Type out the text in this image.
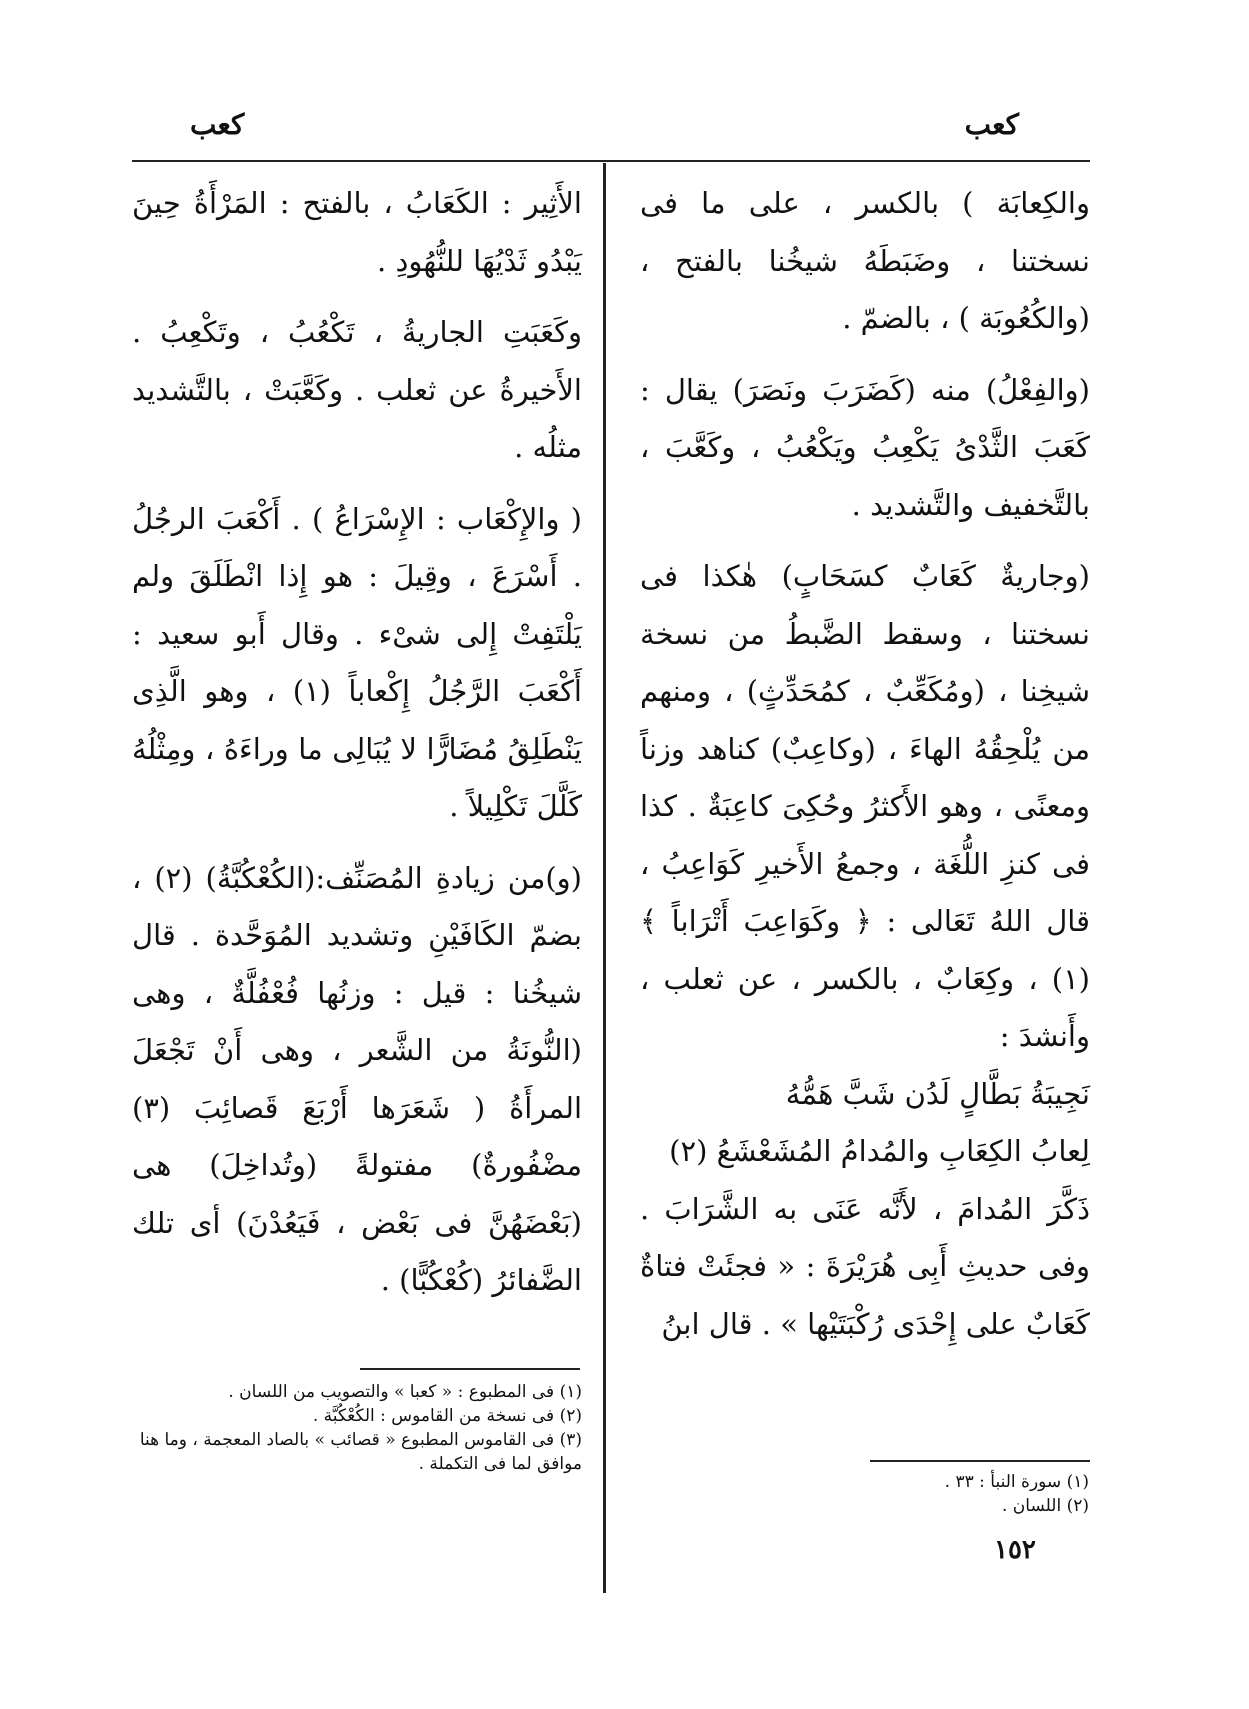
كعب
كعب

والكِعابَة ) بالكسر ، على ما فى نسختنا ، وضَبَطَهُ شيخُنا بالفتح ،(والكُعُوبَة ) ، بالضمّ .

(والفِعْلُ) منه (كَضَرَبَ ونَصَرَ) يقال : كَعَبَ الثَّدْىُ يَكْعِبُ ويَكْعُبُ ، وكَعَّبَ ، بالتَّخفيف والتَّشديد .

(وجاريةٌ كَعَابٌ كسَحَابٍ) هٰكذا فى نسختنا ، وسقط الضَّبطُ من نسخة شيخِنا ، (ومُكَعِّبٌ ، كمُحَدِّثٍ) ، ومنهم من يُلْحِقُهُ الهاءَ ، (وكاعِبٌ) كناهد وزناً ومعنًى ، وهو الأَكثرُ وحُكِىَ كاعِبَةٌ . كذا فى كنزِ اللُّغَة ، وجمعُ الأَخيرِ كَوَاعِبُ ، قال اللهُ تَعَالى : ﴿ وكَوَاعِبَ أَتْرَاباً ﴾ (١) ، وكِعَابٌ ، بالكسر ، عن ثعلب ، وأَنشدَ :

نَجِيبَةُ بَطَّالٍ لَدُن شَبَّ هَمُّهُ

لِعابُ الكِعَابِ والمُدامُ المُشَعْشَعُ (٢)

ذَكَّرَ المُدامَ ، لأَنَّه عَنَى به الشَّرَابَ . وفى حديثِ أَبِى هُرَيْرَةَ : « فجئَتْ فتاةٌ كَعَابٌ على إِحْدَى رُكْبَتَيْها » . قال ابنُ

الأَثِير : الكَعَابُ ، بالفتح : المَرْأَةُ حِينَ يَبْدُو ثَدْيُهَا للنُّهُودِ .

وكَعَبَتِ الجاريةُ ، تَكْعُبُ ، وتَكْعِبُ . الأَخيرةُ عن ثعلب . وكَعَّبَتْ ، بالتَّشديد مثلُه .

( والإِكْعَاب : الإِسْرَاعُ ) . أَكْعَبَ الرجُلُ . أَسْرَعَ ، وقِيلَ : هو إِذا انْطَلَقَ ولم يَلْتَفِتْ إِلى شىْء . وقال أَبو سعيد : أَكْعَبَ الرَّجُلُ إِكْعاباً (١) ، وهو الَّذِى يَنْطَلِقُ مُضَارًّا لا يُبَالِى ما وراءَهُ ، ومِثْلُهُ كَلَّلَ تَكْلِيلاً .

(و)من زيادةِ المُصَنِّف:(الكُعْكُبَّةُ) (٢) ، بضمّ الكَافَيْنِ وتشديد المُوَحَّدة . قال شيخُنا : قيل : وزنُها فُعْفُلَّةٌ ، وهى (النُّونَةُ من الشَّعر ، وهى أَنْ تَجْعَلَ المرأَةُ ( شَعَرَها أَرْبَعَ قَصائِبَ (٣) مضْفُورةٌ) مفتولةً (وتُداخِلَ) هى (بَعْضَهُنَّ فى بَعْض ، فَيَعُدْنَ) أى تلك الضَّفائرُ (كُعْكُبًّا) .

(١) سورة النبأ : ٣٣ .
(٢) اللسان .
(١) فى المطبوع : « كعبا » والتصويب من اللسان .
(٢) فى نسخة من القاموس : الكُعْكُبَّة .
(٣) فى القاموس المطبوع « قصائب » بالصاد المعجمة ، وما هنا موافق لما فى التكملة .
١٥٢
